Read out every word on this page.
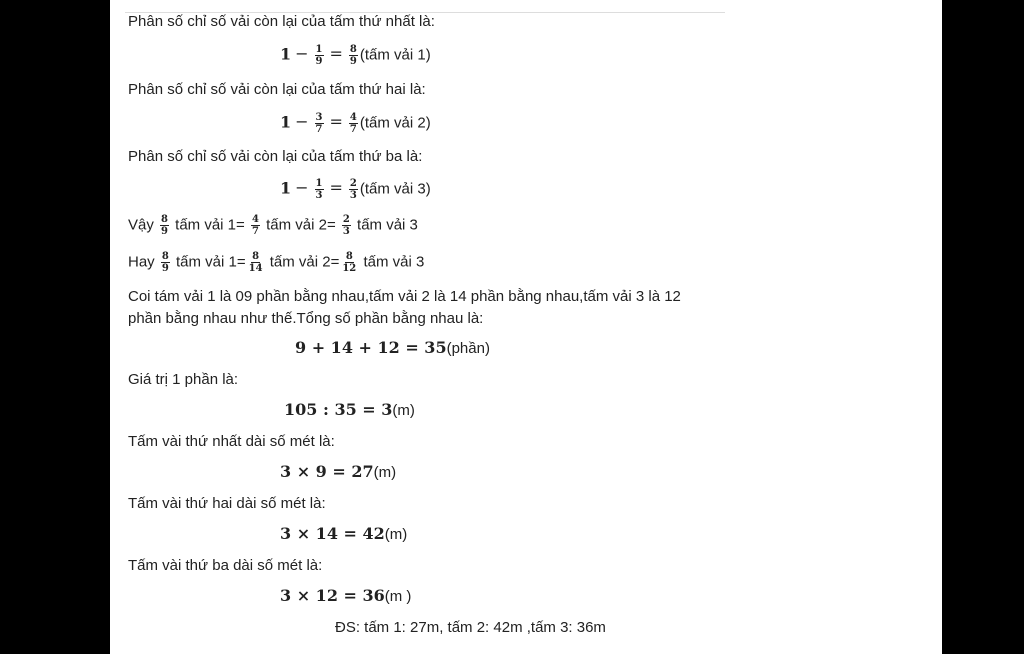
Phân số chỉ số vải còn lại của tấm thứ nhất là:
$1 - \frac{1}{9} = \frac{8}{9}$ (tấm vải 1)
Phân số chỉ số vải còn lại của tấm thứ hai là:
$1 - \frac{3}{7} = \frac{4}{7}$ (tấm vải 2)
Phân số chỉ số vải còn lại của tấm thứ ba là:
$1 - \frac{1}{3} = \frac{2}{3}$ (tấm vải 3)
Vậy $\frac{8}{9}$ tấm vải $1= \frac{4}{7}$ tấm vải $2= \frac{2}{3}$ tấm vải 3
Hay $\frac{8}{9}$ tấm vải $1= \frac{8}{14}$ tấm vải $2= \frac{8}{12}$ tấm vải 3
Coi tám vải 1 là 09 phần bằng nhau,tấm vải 2 là 14 phần bằng nhau,tấm vải 3 là 12 phần bằng nhau như thế.Tổng số phần bằng nhau là:
9 + 14 + 12 = 35(phần)
Giá trị 1 phần là:
105 : 35 = 3(m)
Tấm vài thứ nhất dài số mét là:
3 × 9 = 27(m)
Tấm vài thứ hai dài số mét là:
3 × 14 = 42(m)
Tấm vài thứ ba dài số mét là:
3 × 12 = 36(m )
ĐS: tấm 1: 27m, tấm 2: 42m ,tấm 3: 36m
